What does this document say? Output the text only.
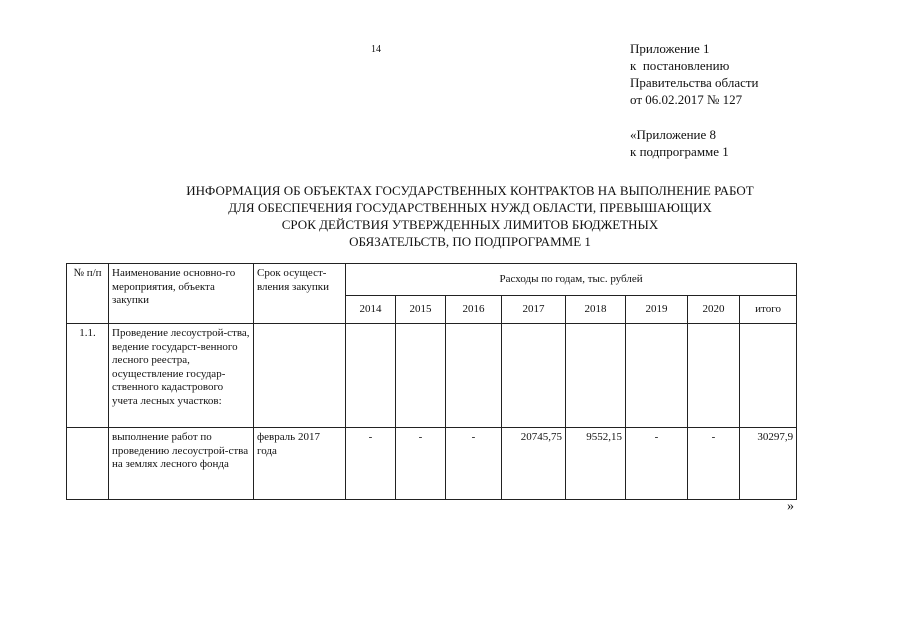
14	Приложение 1
к  постановлению
Правительства области
от 06.02.2017 № 127
«Приложение 8
к подпрограмме 1
ИНФОРМАЦИЯ ОБ ОБЪЕКТАХ ГОСУДАРСТВЕННЫХ КОНТРАКТОВ НА ВЫПОЛНЕНИЕ РАБОТ
ДЛЯ ОБЕСПЕЧЕНИЯ ГОСУДАРСТВЕННЫХ НУЖД ОБЛАСТИ, ПРЕВЫШАЮЩИХ
СРОК ДЕЙСТВИЯ УТВЕРЖДЕННЫХ ЛИМИТОВ БЮДЖЕТНЫХ
ОБЯЗАТЕЛЬСТВ, ПО ПОДПРОГРАММЕ 1
№ п/п	Наименование основно-го мероприятия, объекта закупки	Срок осущест-вления закупки	Расходы по годам, тыс. рублей							
			2014	2015	2016	2017	2018	2019	2020	итого
1.1.	Проведение лесоустрой-ства, ведение государст-венного лесного реестра, осуществление государ-ственного кадастрового учета лесных участков:									
	выполнение работ по проведению лесоустрой-ства на землях лесного фонда	февраль 2017 года	-	-	-	20745,75	9552,15	-	-	30297,9
»
